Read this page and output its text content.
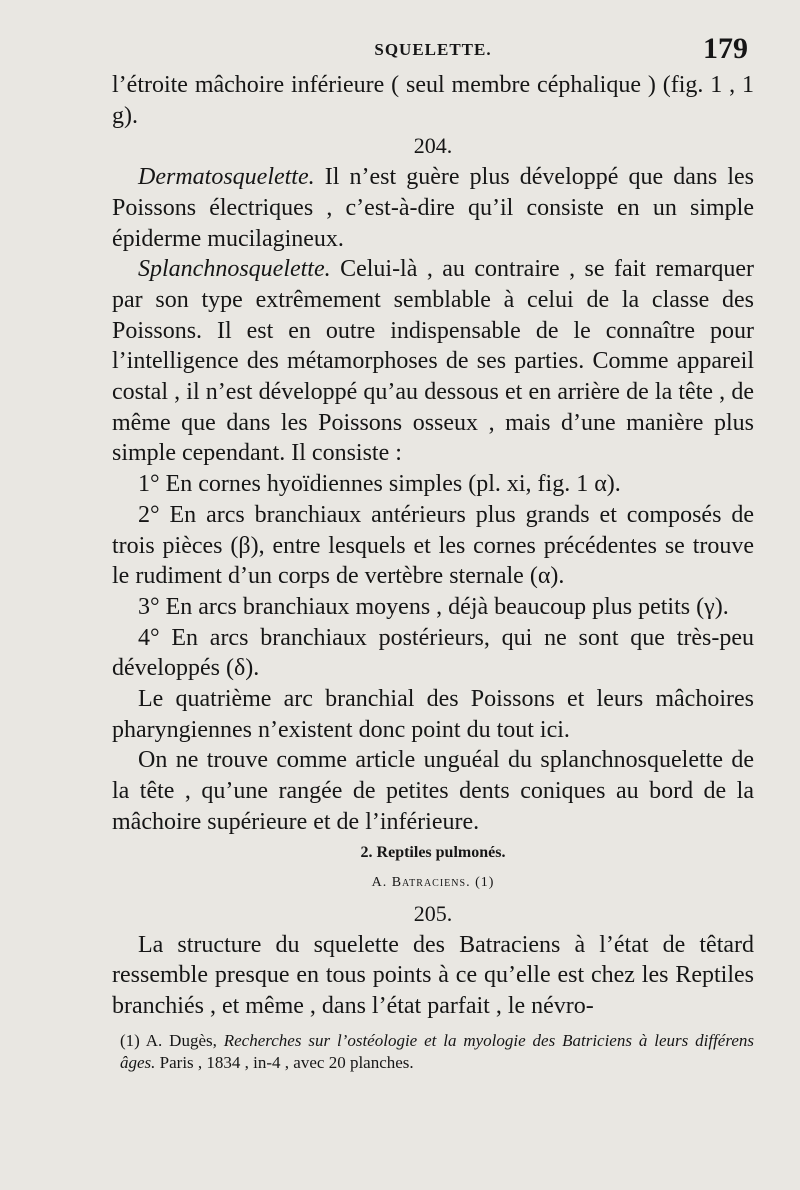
SQUELETTE.	179

l’étroite mâchoire inférieure ( seul membre céphalique ) (fig. 1 , 1 g).

204.

Dermatosquelette. Il n’est guère plus développé que dans les Poissons électriques , c’est-à-dire qu’il consiste en un simple épiderme mucilagineux.

Splanchnosquelette. Celui-là , au contraire , se fait remarquer par son type extrêmement semblable à celui de la classe des Poissons. Il est en outre indispensable de le connaître pour l’intelligence des métamorphoses de ses parties. Comme appareil costal , il n’est développé qu’au dessous et en arrière de la tête , de même que dans les Poissons osseux , mais d’une manière plus simple cependant. Il consiste :

1° En cornes hyoïdiennes simples (pl. xi, fig. 1 α).

2° En arcs branchiaux antérieurs plus grands et composés de trois pièces (β), entre lesquels et les cornes précédentes se trouve le rudiment d’un corps de vertèbre sternale (α).

3° En arcs branchiaux moyens , déjà beaucoup plus petits (γ).

4° En arcs branchiaux postérieurs, qui ne sont que très-peu développés (δ).

Le quatrième arc branchial des Poissons et leurs mâchoires pharyngiennes n’existent donc point du tout ici.

On ne trouve comme article unguéal du splanchnosquelette de la tête , qu’une rangée de petites dents coniques au bord de la mâchoire supérieure et de l’inférieure.

2. Reptiles pulmonés.

A. Batraciens. (1)

205.

La structure du squelette des Batraciens à l’état de têtard ressemble presque en tous points à ce qu’elle est chez les Reptiles branchiés , et même , dans l’état parfait , le névro-

(1) A. Dugès, Recherches sur l’ostéologie et la myologie des Batriciens à leurs différens âges. Paris , 1834 , in-4 , avec 20 planches.
